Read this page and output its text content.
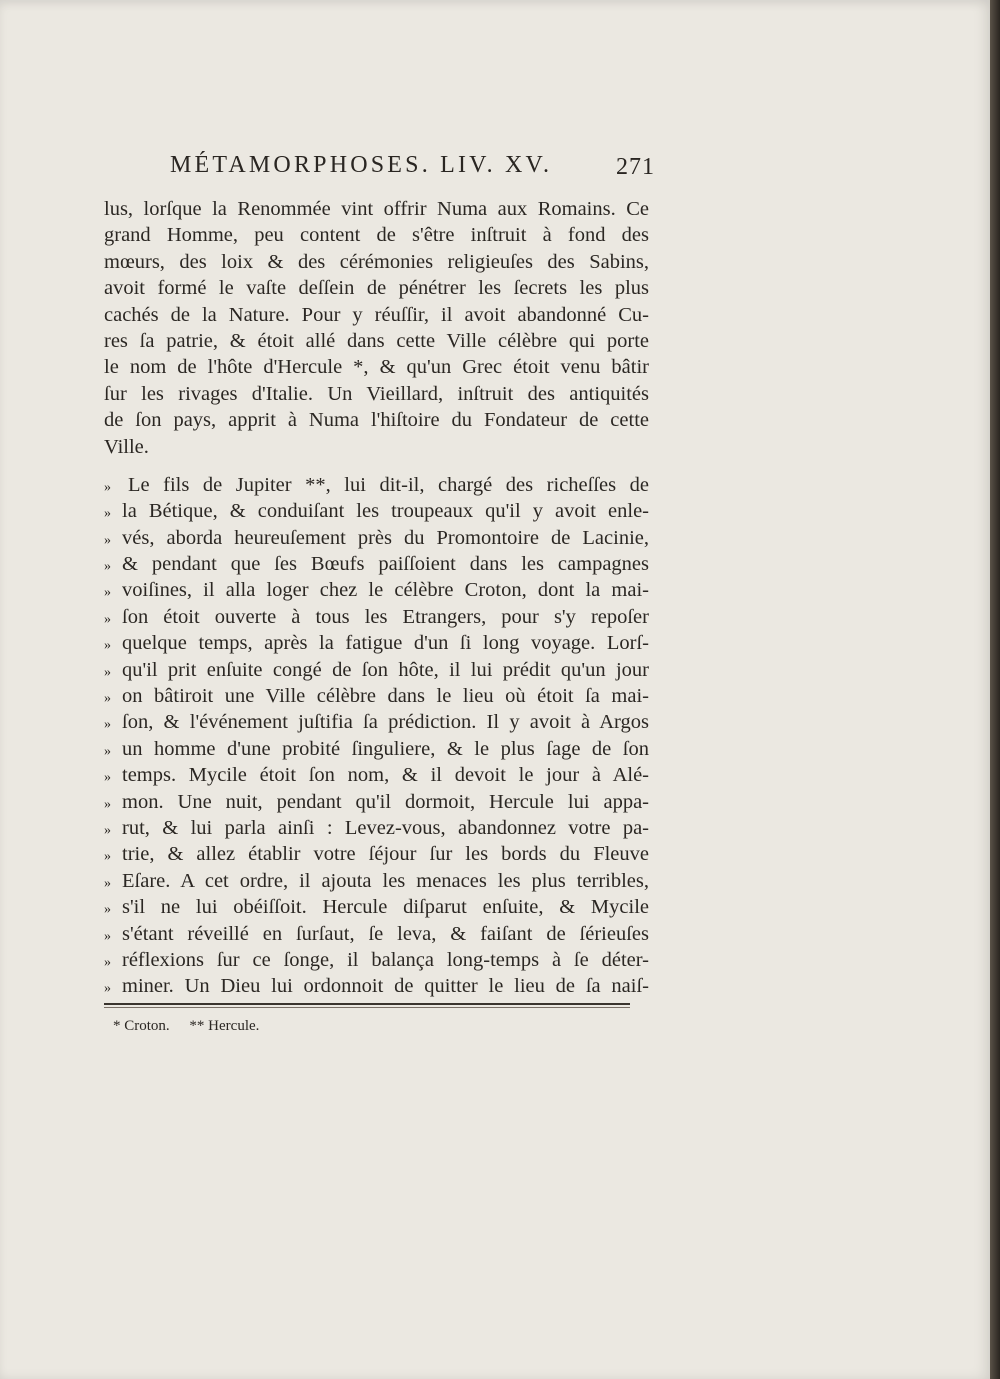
MÉTAMORPHOSES. LIV. XV.	271
lus, lorſque la Renommée vint offrir Numa aux Romains. Ce
grand Homme, peu content de s'être inſtruit à fond des
mœurs, des loix & des cérémonies religieuſes des Sabins,
avoit formé le vaſte deſſein de pénétrer les ſecrets les plus
cachés de la Nature. Pour y réuſſir, il avoit abandonné Cu-
res ſa patrie, & étoit allé dans cette Ville célèbre qui porte
le nom de l'hôte d'Hercule *, & qu'un Grec étoit venu bâtir
ſur les rivages d'Italie. Un Vieillard, inſtruit des antiquités
de ſon pays, apprit à Numa l'hiſtoire du Fondateur de cette
Ville.
» Le fils de Jupiter **, lui dit-il, chargé des richeſſes de
» la Bétique, & conduiſant les troupeaux qu'il y avoit enle-
» vés, aborda heureuſement près du Promontoire de Lacinie,
» & pendant que ſes Bœufs paiſſoient dans les campagnes
» voiſines, il alla loger chez le célèbre Croton, dont la mai-
» ſon étoit ouverte à tous les Etrangers, pour s'y repoſer
» quelque temps, après la fatigue d'un ſi long voyage. Lorſ-
» qu'il prit enſuite congé de ſon hôte, il lui prédit qu'un jour
» on bâtiroit une Ville célèbre dans le lieu où étoit ſa mai-
» ſon, & l'événement juſtifia ſa prédiction. Il y avoit à Argos
» un homme d'une probité ſinguliere, & le plus ſage de ſon
» temps. Mycile étoit ſon nom, & il devoit le jour à Alé-
» mon. Une nuit, pendant qu'il dormoit, Hercule lui appa-
» rut, & lui parla ainſi : Levez-vous, abandonnez votre pa-
» trie, & allez établir votre ſéjour ſur les bords du Fleuve
» Eſare. A cet ordre, il ajouta les menaces les plus terribles,
» s'il ne lui obéiſſoit. Hercule diſparut enſuite, & Mycile
» s'étant réveillé en ſurſaut, ſe leva, & faiſant de ſérieuſes
» réflexions ſur ce ſonge, il balança long-temps à ſe déter-
» miner. Un Dieu lui ordonnoit de quitter le lieu de ſa naiſ-
* Croton. ** Hercule.
